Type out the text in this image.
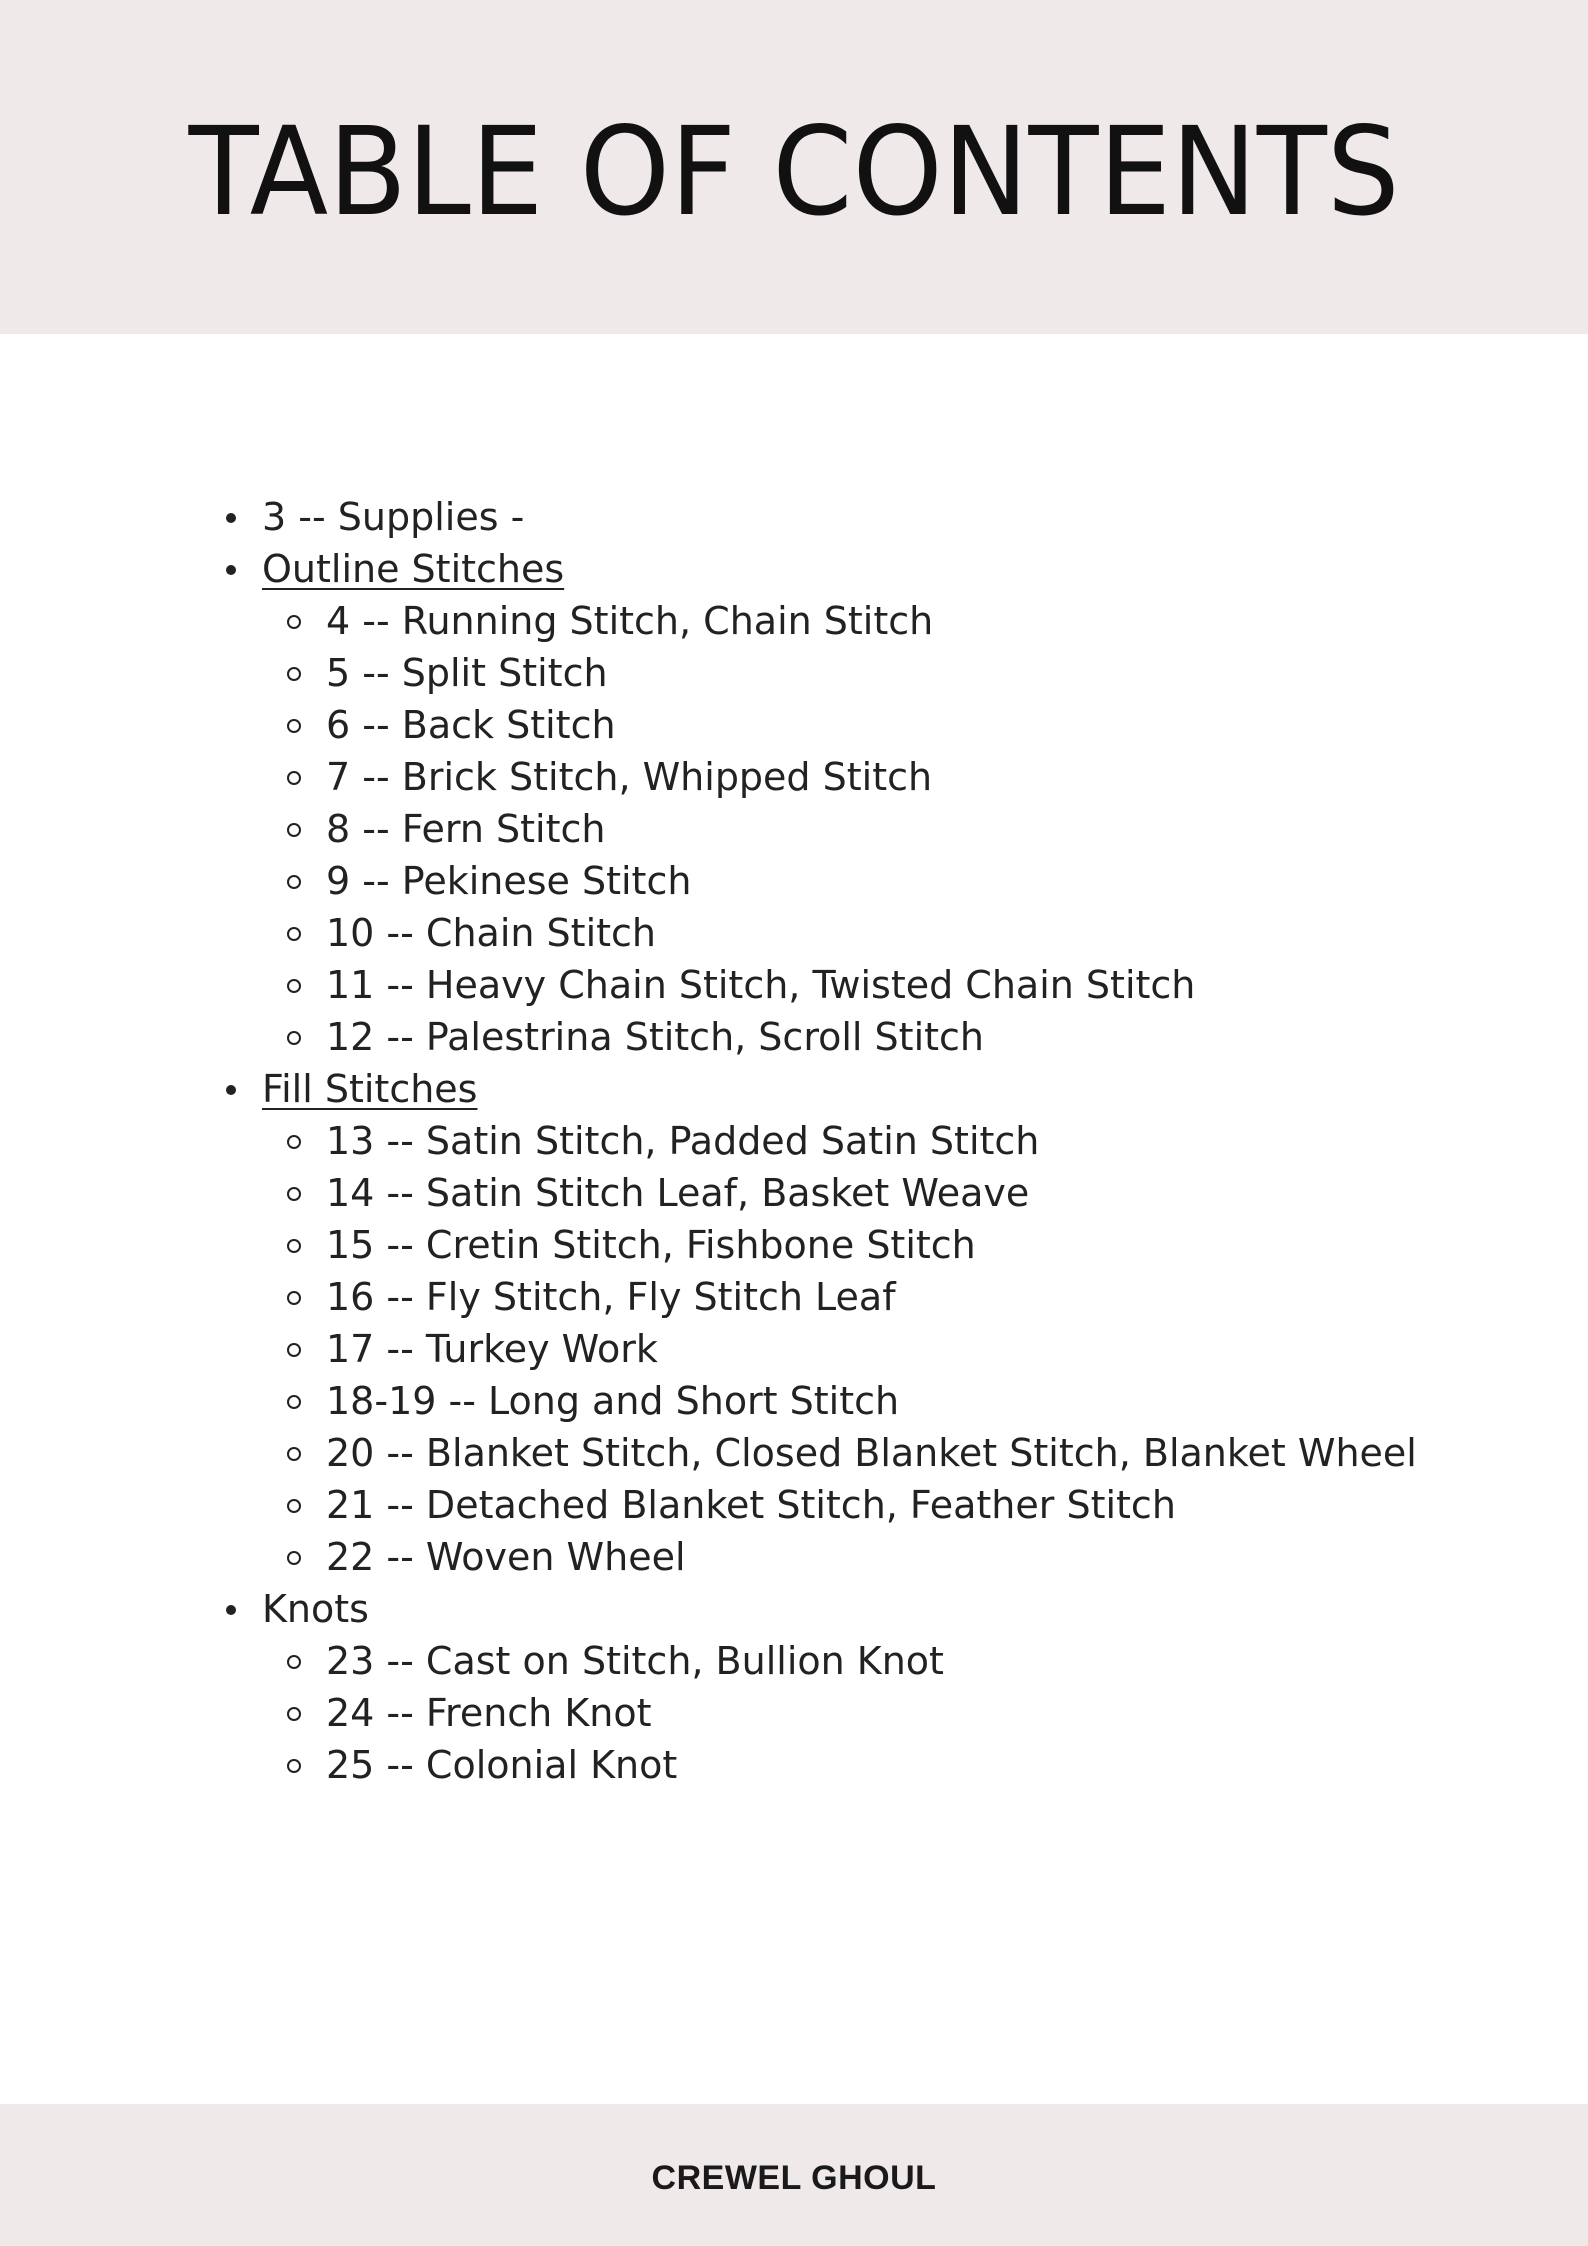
TABLE OF CONTENTS
3 -- Supplies -
Outline Stitches
4 -- Running Stitch, Chain Stitch
5 -- Split Stitch
6 -- Back Stitch
7 -- Brick Stitch, Whipped Stitch
8 -- Fern Stitch
9 -- Pekinese Stitch
10 -- Chain Stitch
11 -- Heavy Chain Stitch, Twisted Chain Stitch
12 -- Palestrina Stitch, Scroll Stitch
Fill Stitches
13 -- Satin Stitch, Padded Satin Stitch
14 -- Satin Stitch Leaf, Basket Weave
15 -- Cretin Stitch, Fishbone Stitch
16 -- Fly Stitch, Fly Stitch Leaf
17 -- Turkey Work
18-19 -- Long and Short Stitch
20 -- Blanket Stitch, Closed Blanket Stitch, Blanket Wheel
21 -- Detached Blanket Stitch, Feather Stitch
22 -- Woven Wheel
Knots
23 -- Cast on Stitch, Bullion Knot
24 -- French Knot
25 -- Colonial Knot
CREWEL GHOUL
